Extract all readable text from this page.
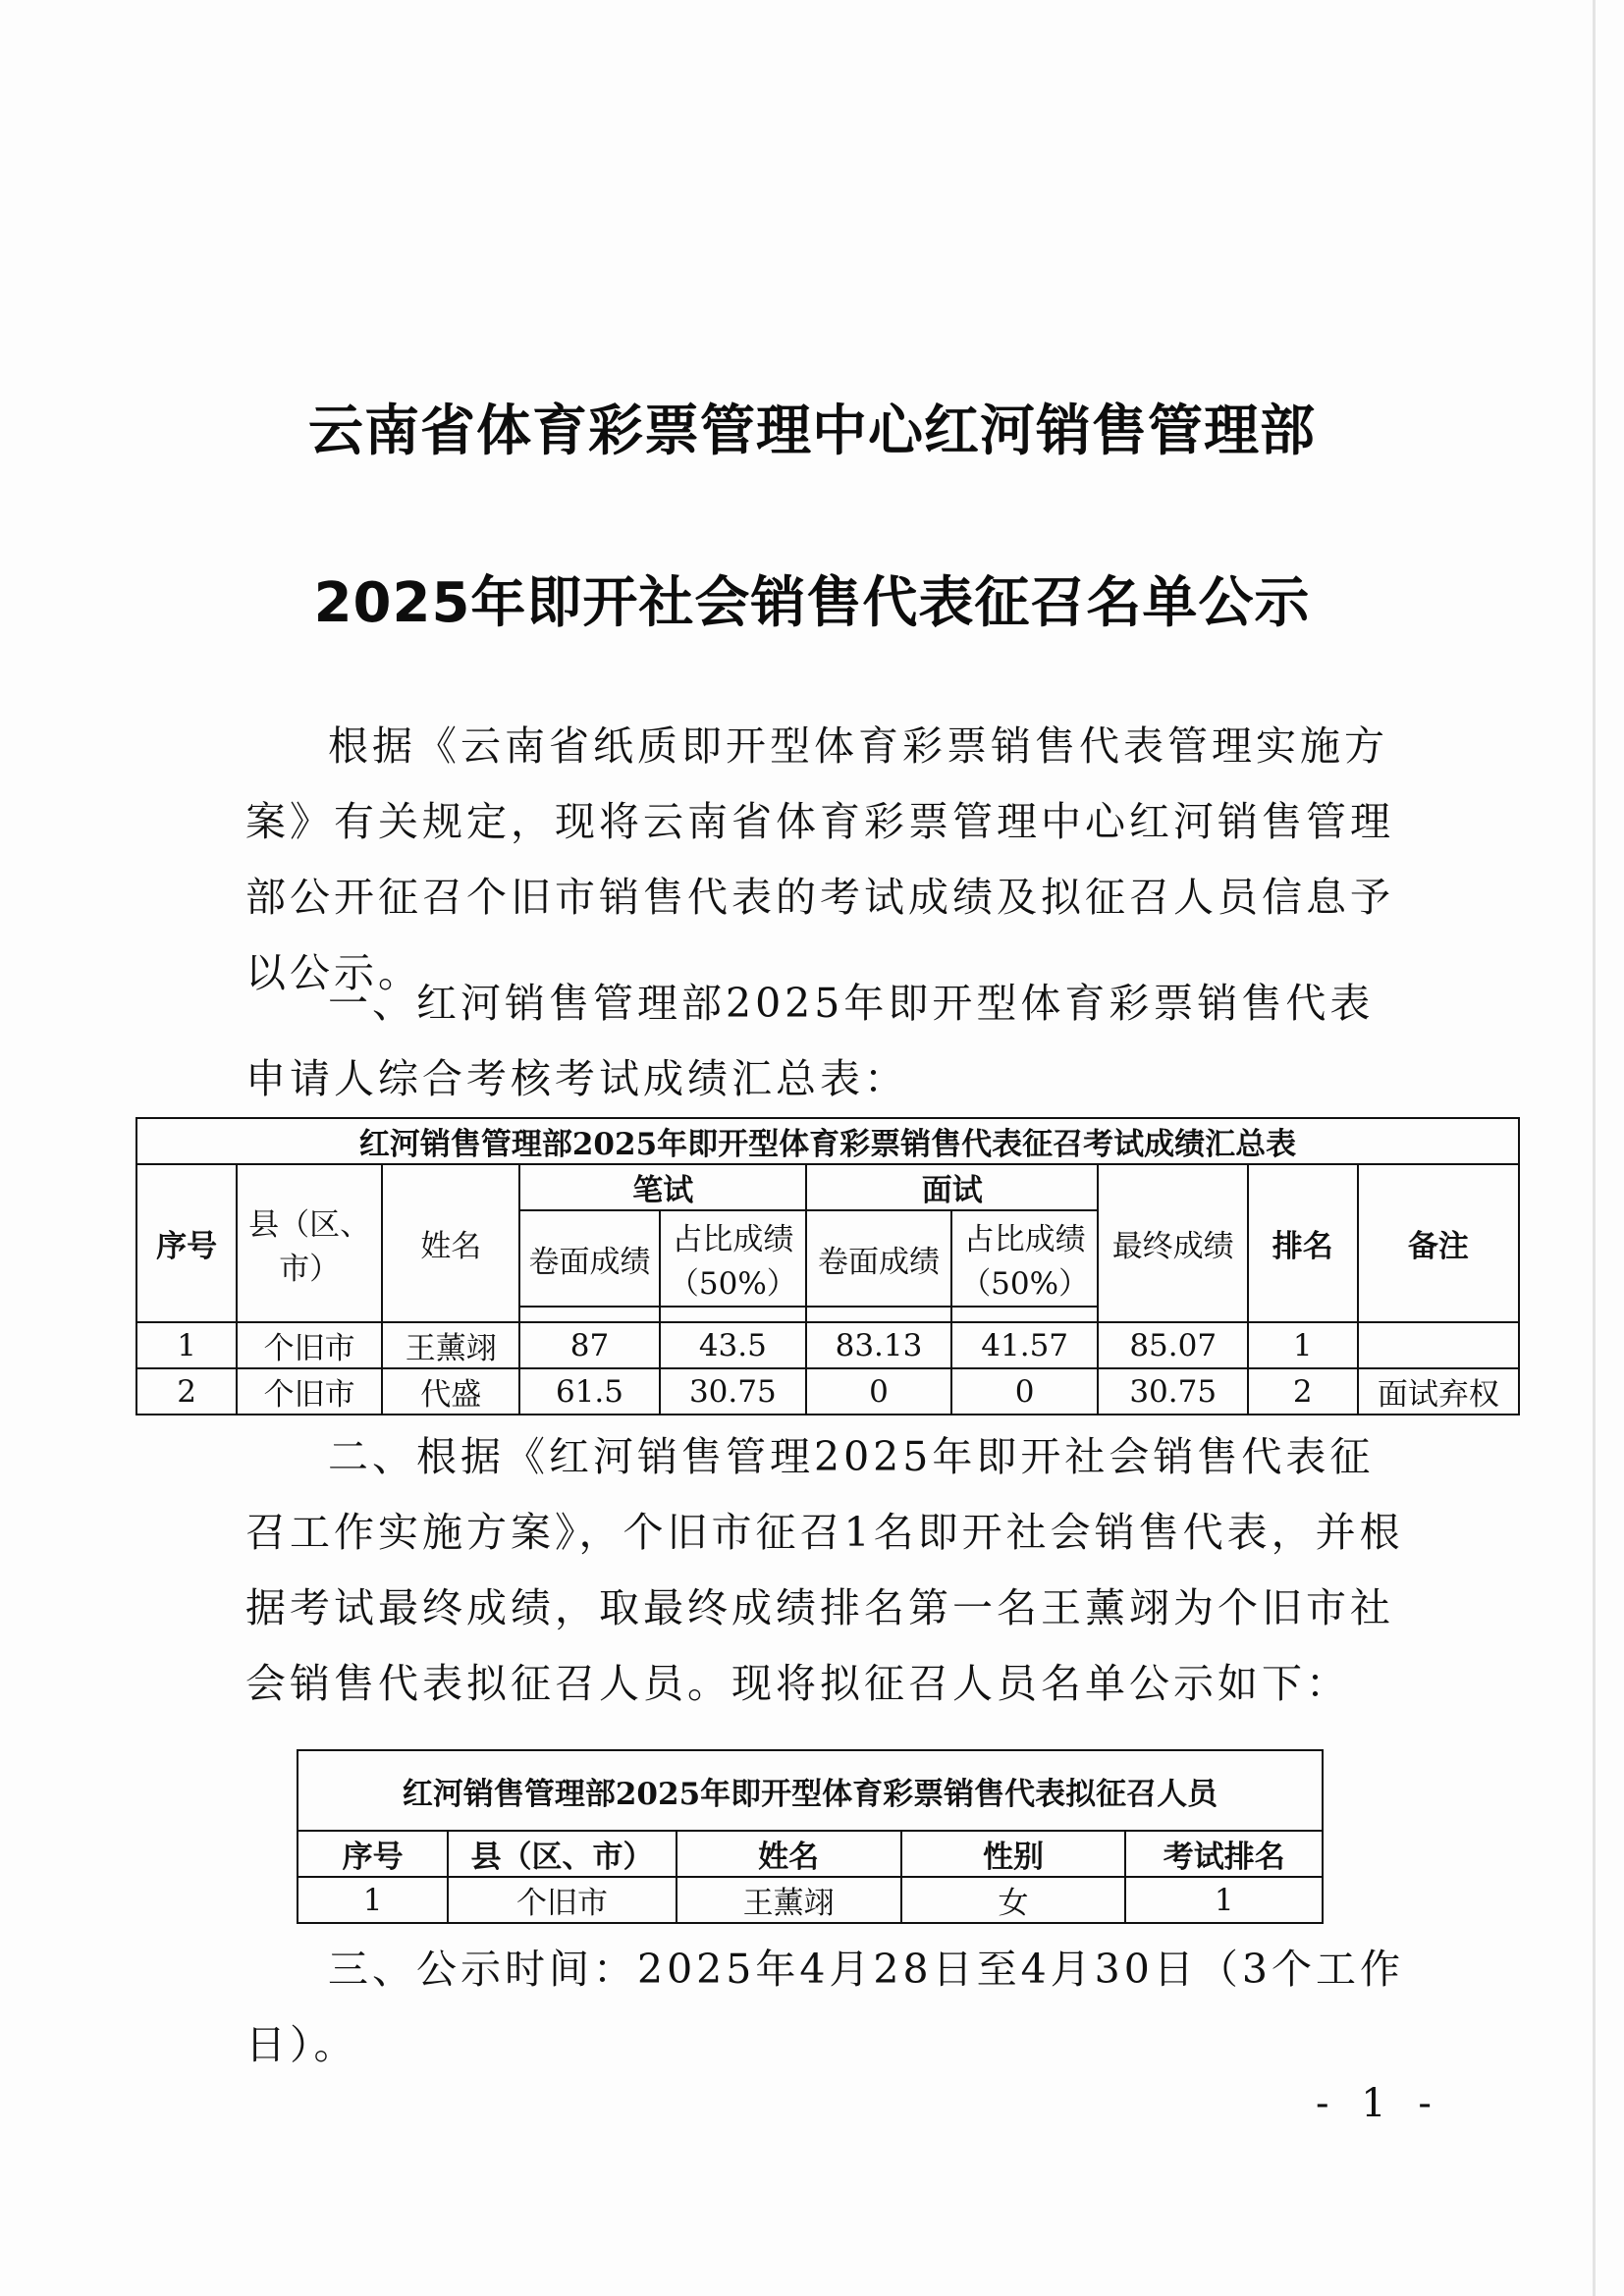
云南省体育彩票管理中心红河销售管理部
2025年即开社会销售代表征召名单公示

根据《云南省纸质即开型体育彩票销售代表管理实施方案》有关规定，现将云南省体育彩票管理中心红河销售管理部公开征召个旧市销售代表的考试成绩及拟征召人员信息予以公示。

一、红河销售管理部2025年即开型体育彩票销售代表申请人综合考核考试成绩汇总表：

红河销售管理部2025年即开型体育彩票销售代表征召考试成绩汇总表									
序号	县（区、市）	姓名	笔试		面试		最终成绩	排名	备注
			卷面成绩	占比成绩（50%）	卷面成绩	占比成绩（50%）			

1	个旧市	王薰翊	87	43.5	83.13	41.57	85.07	1	
2	个旧市	代盛	61.5	30.75	0	0	30.75	2	面试弃权

二、根据《红河销售管理2025年即开社会销售代表征召工作实施方案》，个旧市征召1名即开社会销售代表，并根据考试最终成绩，取最终成绩排名第一名王薰翊为个旧市社会销售代表拟征召人员。现将拟征召人员名单公示如下：

红河销售管理部2025年即开型体育彩票销售代表拟征召人员				
序号	县（区、市）	姓名	性别	考试排名
1	个旧市	王薰翊	女	1

三、公示时间：2025年4月28日至4月30日（3个工作日）。

- 1 -
